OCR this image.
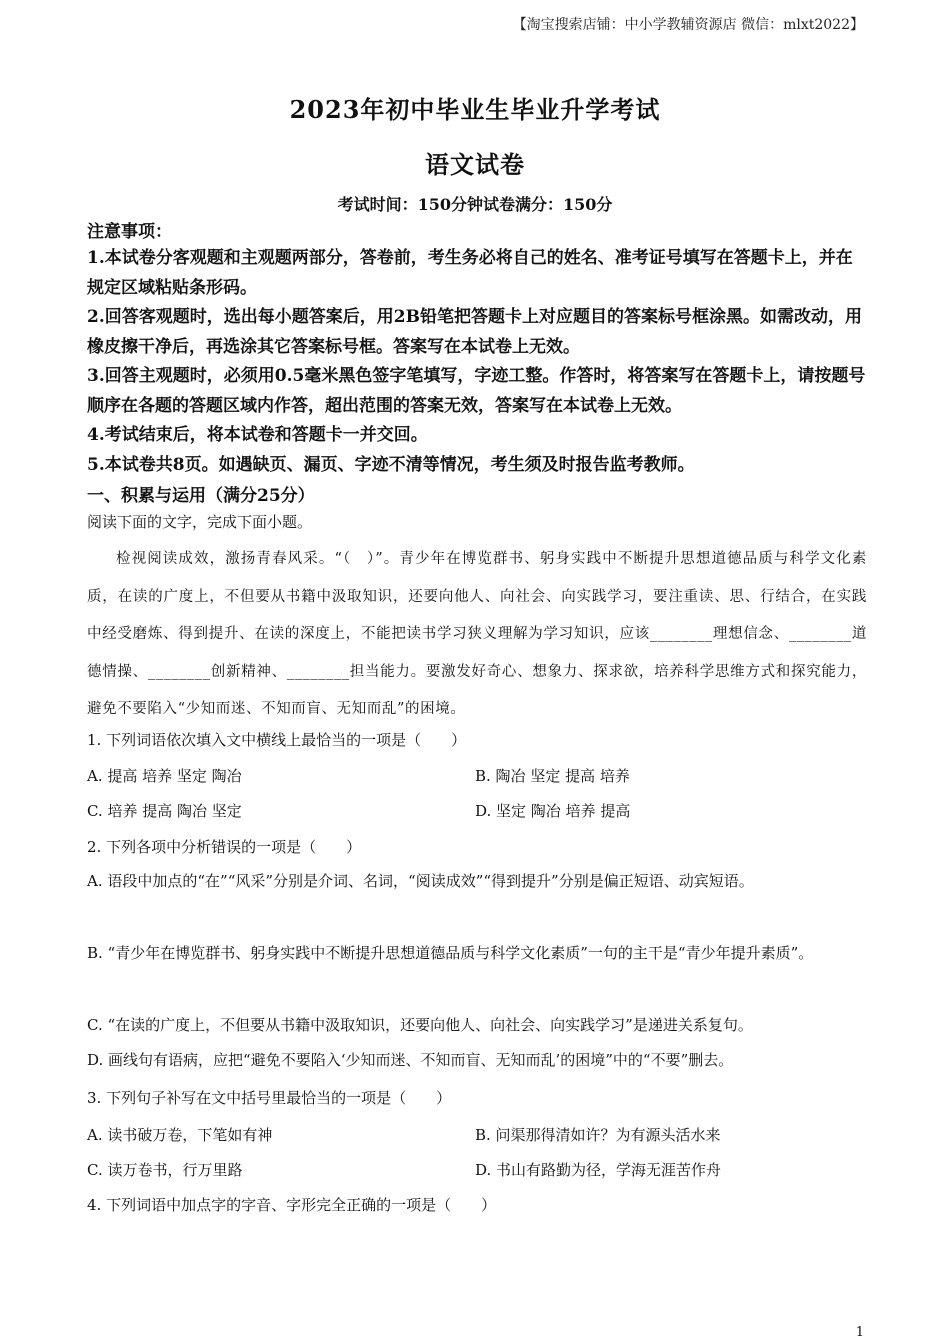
【淘宝搜索店铺：中小学教辅资源店 微信：mlxt2022】
2023年初中毕业生毕业升学考试
语文试卷
考试时间：150分钟试卷满分：150分
注意事项：
1.本试卷分客观题和主观题两部分，答卷前，考生务必将自己的姓名、准考证号填写在答题卡上，并在规定区域粘贴条形码。
2.回答客观题时，选出每小题答案后，用2B铅笔把答题卡上对应题目的答案标号框涂黑。如需改动，用橡皮擦干净后，再选涂其它答案标号框。答案写在本试卷上无效。
3.回答主观题时，必须用0.5毫米黑色签字笔填写，字迹工整。作答时，将答案写在答题卡上，请按题号顺序在各题的答题区域内作答，超出范围的答案无效，答案写在本试卷上无效。
4.考试结束后，将本试卷和答题卡一并交回。
5.本试卷共8页。如遇缺页、漏页、字迹不清等情况，考生须及时报告监考教师。
一、积累与运用（满分25分）
阅读下面的文字，完成下面小题。
检视阅读成效，激扬青春风采。“（　）”。青少年在博览群书、躬身实践中不断提升思想道德品质与科学文化素质，在读的广度上，不但要从书籍中汲取知识，还要向他人、向社会、向实践学习，要注重读、思、行结合，在实践中经受磨炼、得到提升、在读的深度上，不能把读书学习狭义理解为学习知识，应该________理想信念、________道德情操、________创新精神、________担当能力。要激发好奇心、想象力、探求欲，培养科学思维方式和探究能力，避免不要陷入“少知而迷、不知而盲、无知而乱”的困境。
1. 下列词语依次填入文中横线上最恰当的一项是（　　）
A. 提高 培养 坚定 陶冶	B. 陶冶 坚定 提高 培养
C. 培养 提高 陶冶 坚定	D. 坚定 陶冶 培养 提高
2. 下列各项中分析错误的一项是（　　）
A. 语段中加点的“在”“风采”分别是介词、名词，“阅读成效”“得到提升”分别是偏正短语、动宾短语。
B. “青少年在博览群书、躬身实践中不断提升思想道德品质与科学文化素质”一句的主干是“青少年提升素质”。
C. “在读的广度上，不但要从书籍中汲取知识，还要向他人、向社会、向实践学习”是递进关系复句。
D. 画线句有语病，应把“避免不要陷入‘少知而迷、不知而盲、无知而乱’的困境”中的“不要”删去。
3. 下列句子补写在文中括号里最恰当的一项是（　　）
A. 读书破万卷，下笔如有神	B. 问渠那得清如许？为有源头活水来
C. 读万卷书，行万里路	D. 书山有路勤为径，学海无涯苦作舟
4. 下列词语中加点字的字音、字形完全正确的一项是（　　）
1
